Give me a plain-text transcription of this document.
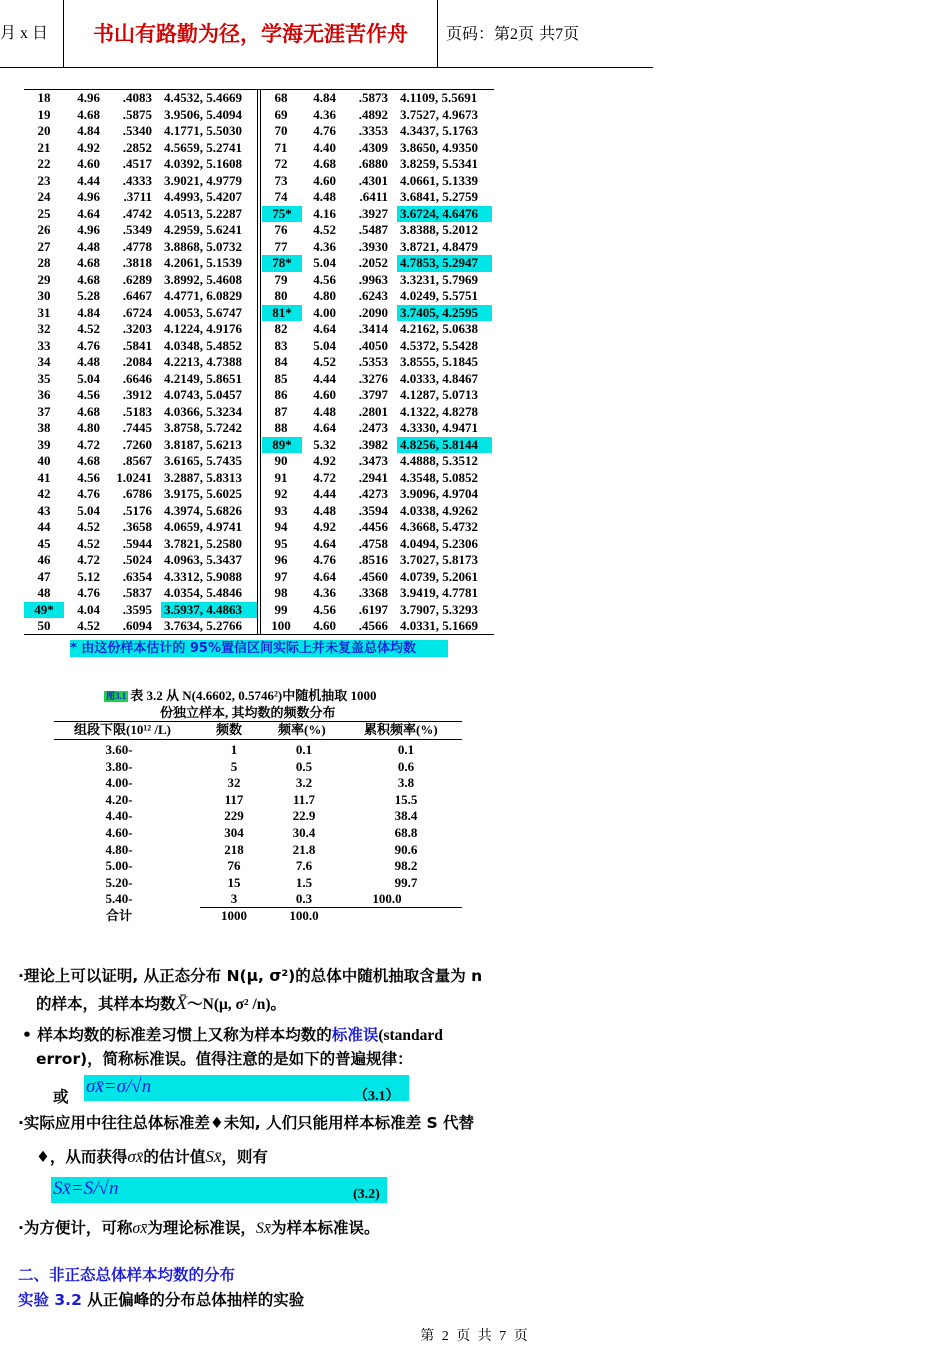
月 x 日	书山有路勤为径，学海无涯苦作舟	页码：第2页 共7页
18	4.96	.4083 4.4532, 5.4669	68	4.84	.5873 4.1109, 5.5691
19	4.68	.5875 3.9506, 5.4094	69	4.36	.4892 3.7527, 4.9673
20	4.84	.5340 4.1771, 5.5030	70	4.76	.3353 4.3437, 5.1763
21	4.92	.2852 4.5659, 5.2741	71	4.40	.4309 3.8650, 4.9350
22	4.60	.4517 4.0392, 5.1608	72	4.68	.6880 3.8259, 5.5341
23	4.44	.4333 3.9021, 4.9779	73	4.60	.4301 4.0661, 5.1339
24	4.96	.3711 4.4993, 5.4207	74	4.48	.6411 3.6841, 5.2759
25	4.64	.4742 4.0513, 5.2287	75*	4.16	.3927 3.6724, 4.6476
26	4.96	.5349 4.2959, 5.6241	76	4.52	.5487 3.8388, 5.2012
27	4.48	.4778 3.8868, 5.0732	77	4.36	.3930 3.8721, 4.8479
28	4.68	.3818 4.2061, 5.1539	78*	5.04	.2052 4.7853, 5.2947
29	4.68	.6289 3.8992, 5.4608	79	4.56	.9963 3.3231, 5.7969
30	5.28	.6467 4.4771, 6.0829	80	4.80	.6243 4.0249, 5.5751
31	4.84	.6724 4.0053, 5.6747	81*	4.00	.2090 3.7405, 4.2595
32	4.52	.3203 4.1224, 4.9176	82	4.64	.3414 4.2162, 5.0638
33	4.76	.5841 4.0348, 5.4852	83	5.04	.4050 4.5372, 5.5428
34	4.48	.2084 4.2213, 4.7388	84	4.52	.5353 3.8555, 5.1845
35	5.04	.6646 4.2149, 5.8651	85	4.44	.3276 4.0333, 4.8467
36	4.56	.3912 4.0743, 5.0457	86	4.60	.3797 4.1287, 5.0713
37	4.68	.5183 4.0366, 5.3234	87	4.48	.2801 4.1322, 4.8278
38	4.80	.7445 3.8758, 5.7242	88	4.64	.2473 4.3330, 4.9471
39	4.72	.7260 3.8187, 5.6213	89*	5.32	.3982 4.8256, 5.8144
40	4.68	.8567 3.6165, 5.7435	90	4.92	.3473 4.4888, 5.3512
41	4.56 1.0241 3.2887, 5.8313	91	4.72	.2941 4.3548, 5.0852
42	4.76	.6786 3.9175, 5.6025	92	4.44	.4273 3.9096, 4.9704
43	5.04	.5176 4.3974, 5.6826	93	4.48	.3594 4.0338, 4.9262
44	4.52	.3658 4.0659, 4.9741	94	4.92	.4456 4.3668, 5.4732
45	4.52	.5944 3.7821, 5.2580	95	4.64	.4758 4.0494, 5.2306
46	4.72	.5024 4.0963, 5.3437	96	4.76	.8516 3.7027, 5.8173
47	5.12	.6354 4.3312, 5.9088	97	4.64	.4560 4.0739, 5.2061
48	4.76	.5837 4.0354, 5.4846	98	4.36	.3368 3.9419, 4.7781
49*	4.04	.3595 3.5937, 4.4863	99	4.56	.6197 3.7907, 5.3293
50	4.52	.6094 3.7634, 5.2766	100	4.60	.4566 4.0331, 5.1669
* 由这份样本估计的 95%置信区间实际上并未复盖总体均数
图3.1 表 3.2 从 N(4.6602, 0.5746²)中随机抽取 1000
份独立样本, 其均数的频数分布
组段下限(10¹² /L)	频数	频率(%)	累积频率(%)
3.60-	1	0.1	0.1
3.80-	5	0.5	0.6
4.00-	32	3.2	3.8
4.20-	117	11.7	15.5
4.40-	229	22.9	38.4
4.60-	304	30.4	68.8
4.80-	218	21.8	90.6
5.00-	76	7.6	98.2
5.20-	15	1.5	99.7
5.40-	3	0.3	100.0
合计	1000	100.0
·理论上可以证明, 从正态分布 N(μ, σ²)的总体中随机抽取含量为 n
的样本，其样本均数X̄～N(μ, σ² /n)。
• 样本均数的标准差习惯上又称为样本均数的标准误(standard
error)，简称标准误。值得注意的是如下的普遍规律：
或 σx̄=σ/√n	（3.1）
·实际应用中往往总体标准差♦未知, 人们只能用样本标准差 S 代替
♦，从而获得σx̄的估计值Sx̄，则有
Sx̄=S/√n	(3.2)
·为方便计，可称σx̄为理论标准误，Sx̄为样本标准误。
二、非正态总体样本均数的分布
实验 3.2 从正偏峰的分布总体抽样的实验
第 2 页 共 7 页
